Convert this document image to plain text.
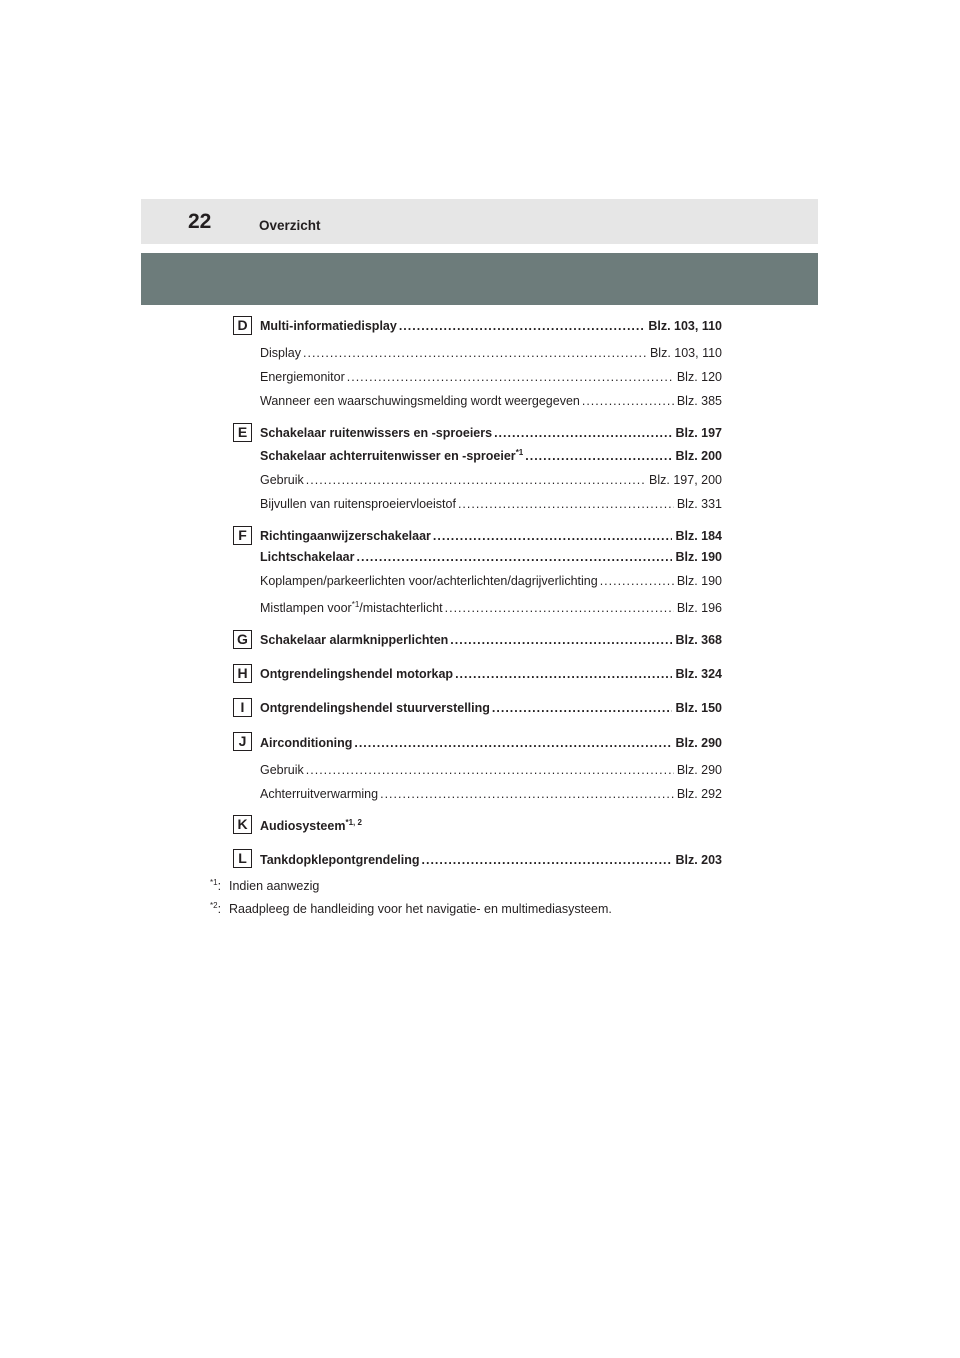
22	Overzicht
D Multi-informatiedisplay .....	Blz. 103, 110
Display .....	Blz. 103, 110
Energiemonitor .....	Blz. 120
Wanneer een waarschuwingsmelding wordt weergegeven .....	Blz. 385
E	Schakelaar ruitenwissers en -sproeiers .....	Blz. 197
Schakelaar achterruitenwisser en -sproeier$^{*1}$ .....	Blz. 200
Gebruik .....	Blz. 197, 200
Bijvullen van ruitensproeiervloeistof .....	Blz. 331
F	Richtingaanwijzerschakelaar .....	Blz. 184
Lichtschakelaar .....	Blz. 190
Koplampen/parkeerlichten voor/achterlichten/dagrijverlichting .....	Blz. 190
Mistlampen voor$^{*1}$/mistachterlicht .....	Blz. 196
G Schakelaar alarmknipperlichten .....	Blz. 368
H Ontgrendelingshendel motorkap .....	Blz. 324
I	Ontgrendelingshendel stuurverstelling .....	Blz. 150
J	Airconditioning .....	Blz. 290
Gebruik .....	Blz. 290
Achterruitverwarming .....	Blz. 292
K Audiosysteem$^{*1, 2}$
L	Tankdopklepontgrendeling .....	Blz. 203
$^{*1}$: Indien aanwezig
$^{*2}$: Raadpleeg de handleiding voor het navigatie- en multimediasysteem.
